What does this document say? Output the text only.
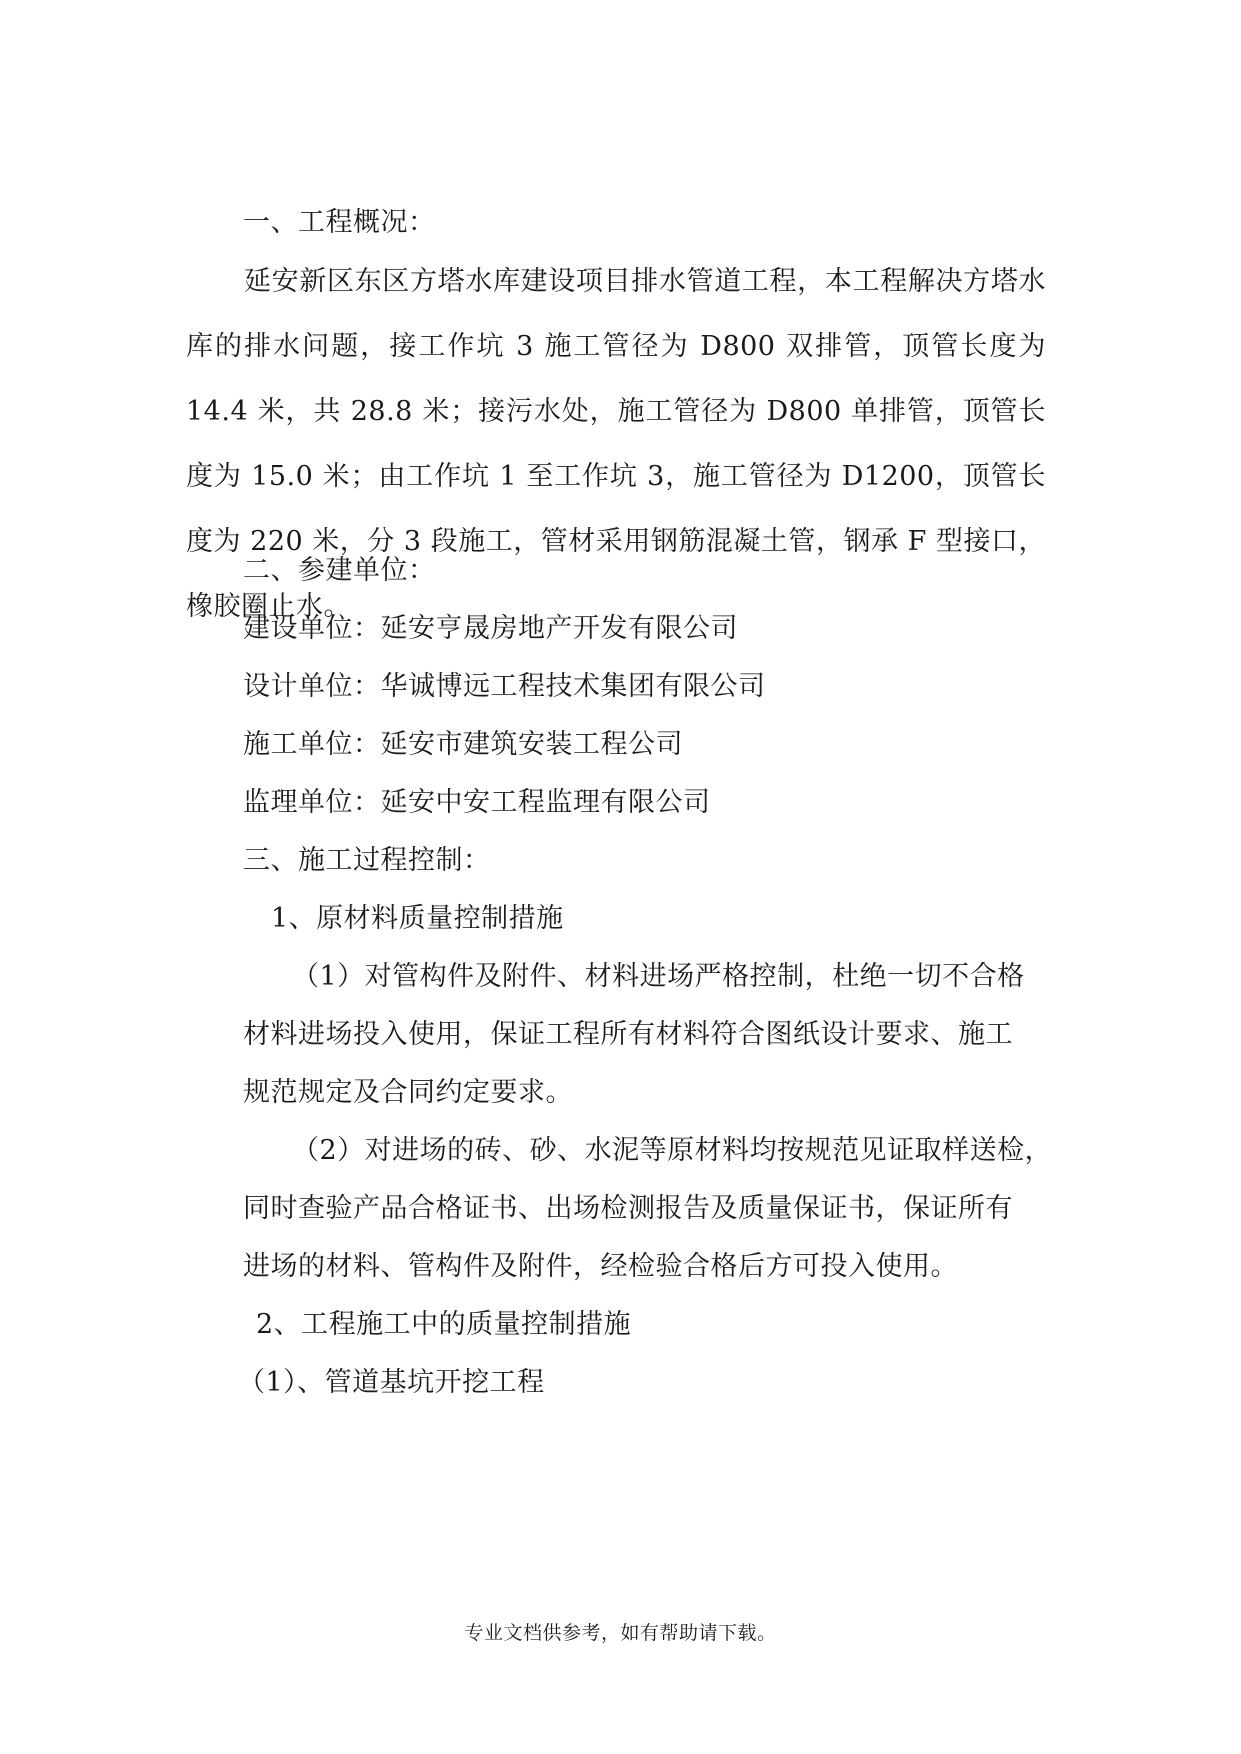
一、工程概况：
延安新区东区方塔水库建设项目排水管道工程，本工程解决方塔水库的排水问题，接工作坑 3 施工管径为 D800 双排管，顶管长度为 14.4 米，共 28.8 米；接污水处，施工管径为 D800 单排管，顶管长度为 15.0 米；由工作坑 1 至工作坑 3，施工管径为 D1200，顶管长度为 220 米，分 3 段施工，管材采用钢筋混凝土管，钢承 F 型接口，橡胶圈止水。
二、参建单位：
建设单位：延安亨晟房地产开发有限公司
设计单位：华诚博远工程技术集团有限公司
施工单位：延安市建筑安装工程公司
监理单位：延安中安工程监理有限公司
三、施工过程控制：
1、原材料质量控制措施
（1）对管构件及附件、材料进场严格控制，杜绝一切不合格
材料进场投入使用，保证工程所有材料符合图纸设计要求、施工
规范规定及合同约定要求。
（2）对进场的砖、砂、水泥等原材料均按规范见证取样送检，
同时查验产品合格证书、出场检测报告及质量保证书，保证所有
进场的材料、管构件及附件，经检验合格后方可投入使用。
2、工程施工中的质量控制措施
（1）、管道基坑开挖工程
专业文档供参考，如有帮助请下载。
